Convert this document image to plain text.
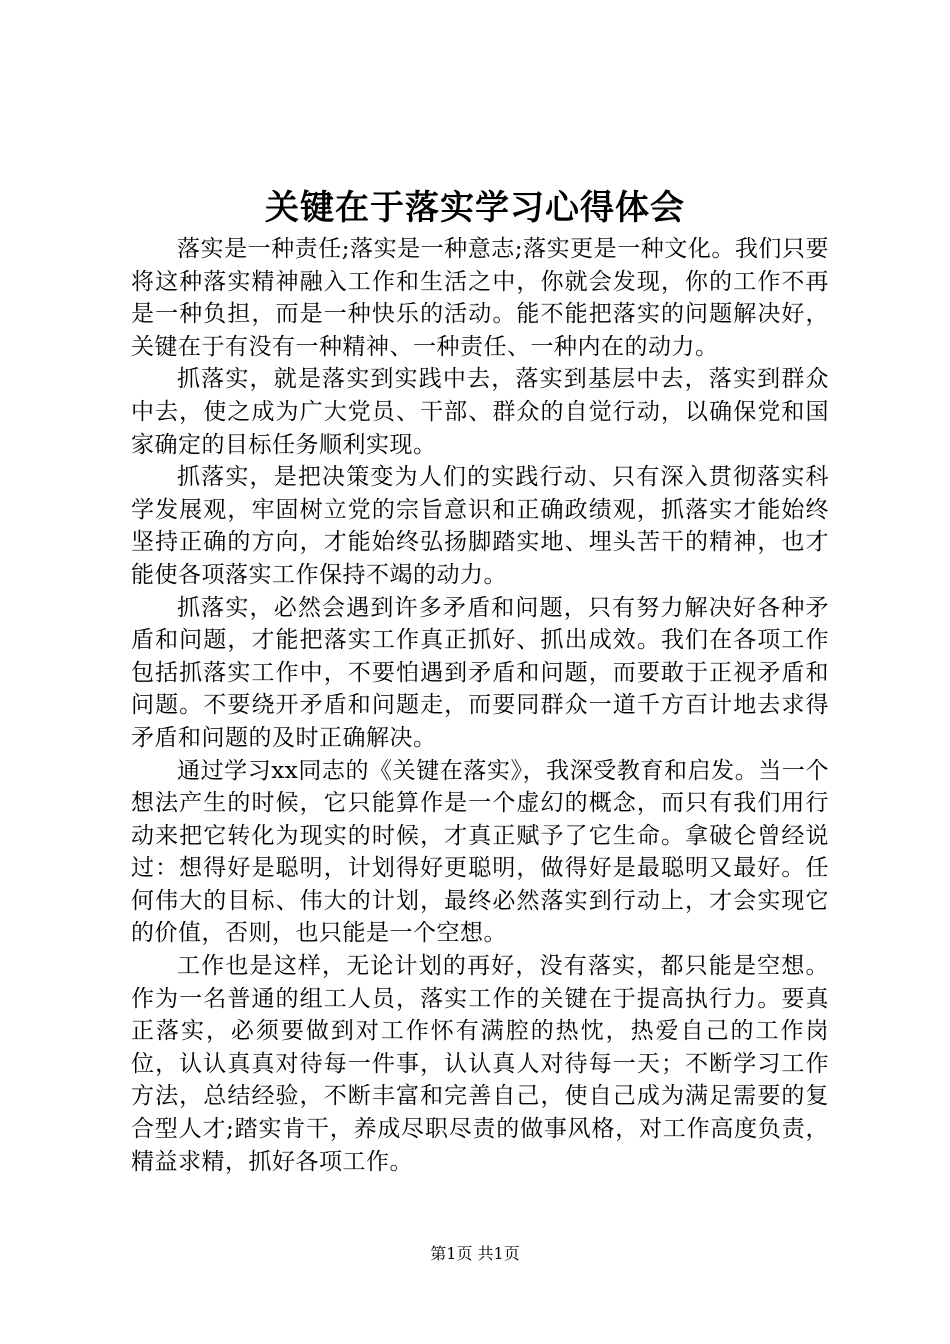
关键在于落实学习心得体会

落实是一种责任;落实是一种意志;落实更是一种文化。我们只要将这种落实精神融入工作和生活之中，你就会发现，你的工作不再是一种负担，而是一种快乐的活动。能不能把落实的问题解决好，关键在于有没有一种精神、一种责任、一种内在的动力。

抓落实，就是落实到实践中去，落实到基层中去，落实到群众中去，使之成为广大党员、干部、群众的自觉行动，以确保党和国家确定的目标任务顺利实现。

抓落实，是把决策变为人们的实践行动、只有深入贯彻落实科学发展观，牢固树立党的宗旨意识和正确政绩观，抓落实才能始终坚持正确的方向，才能始终弘扬脚踏实地、埋头苦干的精神，也才能使各项落实工作保持不竭的动力。

抓落实，必然会遇到许多矛盾和问题，只有努力解决好各种矛盾和问题，才能把落实工作真正抓好、抓出成效。我们在各项工作包括抓落实工作中，不要怕遇到矛盾和问题，而要敢于正视矛盾和问题。不要绕开矛盾和问题走，而要同群众一道千方百计地去求得矛盾和问题的及时正确解决。

通过学习xx同志的《关键在落实》，我深受教育和启发。当一个想法产生的时候，它只能算作是一个虚幻的概念，而只有我们用行动来把它转化为现实的时候，才真正赋予了它生命。拿破仑曾经说过：想得好是聪明，计划得好更聪明，做得好是最聪明又最好。任何伟大的目标、伟大的计划，最终必然落实到行动上，才会实现它的价值，否则，也只能是一个空想。

工作也是这样，无论计划的再好，没有落实，都只能是空想。作为一名普通的组工人员，落实工作的关键在于提高执行力。要真正落实，必须要做到对工作怀有满腔的热忱，热爱自己的工作岗位，认认真真对待每一件事，认认真人对待每一天；不断学习工作方法，总结经验，不断丰富和完善自己，使自己成为满足需要的复合型人才;踏实肯干，养成尽职尽责的做事风格，对工作高度负责，精益求精，抓好各项工作。

第1页 共1页
